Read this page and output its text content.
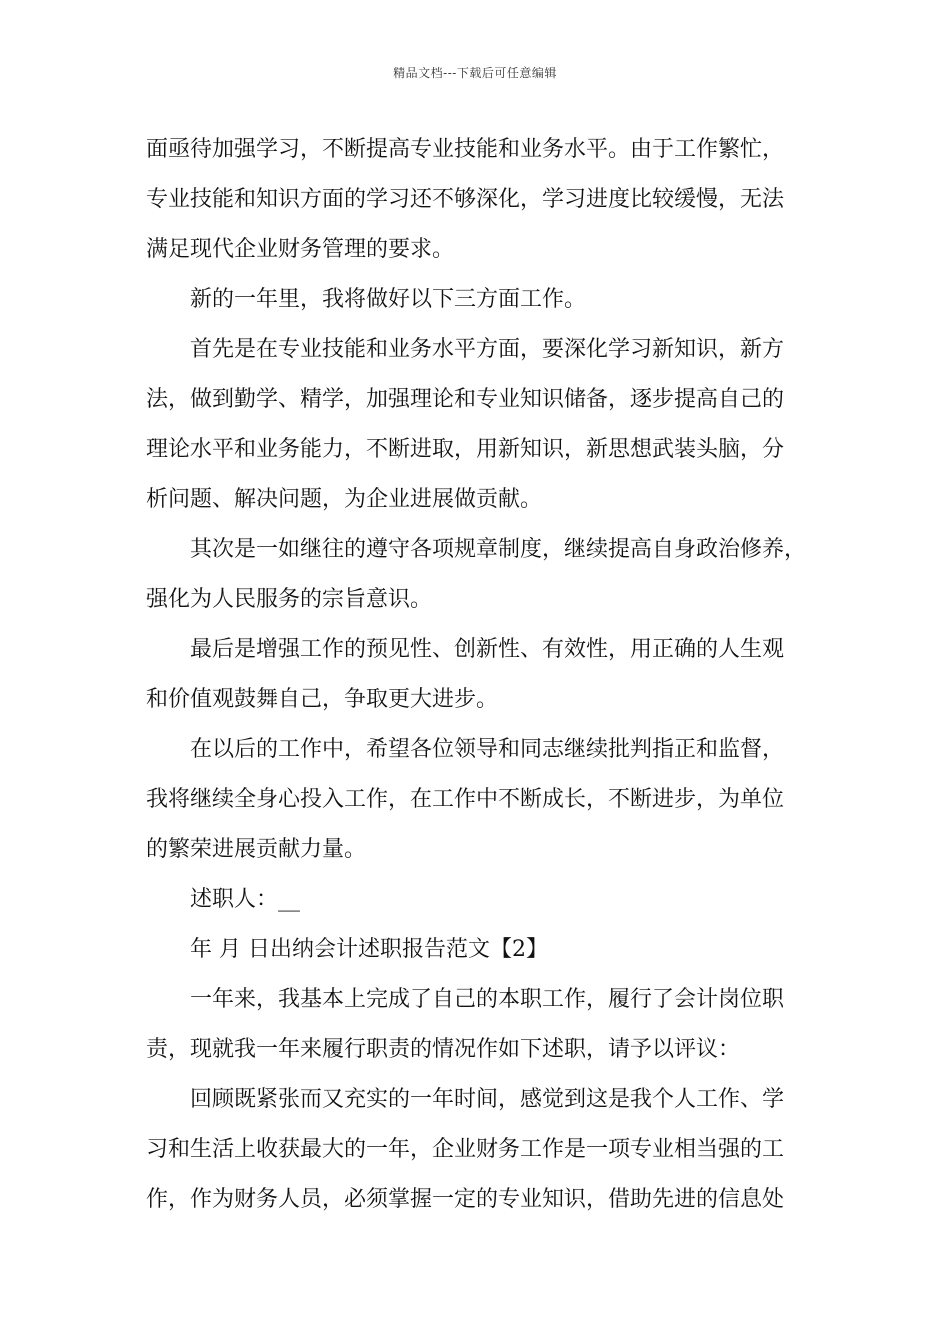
精品文档---下载后可任意编辑
面亟待加强学习，不断提高专业技能和业务水平。由于工作繁忙，
专业技能和知识方面的学习还不够深化，学习进度比较缓慢，无法
满足现代企业财务管理的要求。
新的一年里，我将做好以下三方面工作。
首先是在专业技能和业务水平方面，要深化学习新知识，新方
法，做到勤学、精学，加强理论和专业知识储备，逐步提高自己的
理论水平和业务能力，不断进取，用新知识，新思想武装头脑，分
析问题、解决问题，为企业进展做贡献。
其次是一如继往的遵守各项规章制度，继续提高自身政治修养，
强化为人民服务的宗旨意识。
最后是增强工作的预见性、创新性、有效性，用正确的人生观
和价值观鼓舞自己，争取更大进步。
在以后的工作中，希望各位领导和同志继续批判指正和监督，
我将继续全身心投入工作，在工作中不断成长，不断进步，为单位
的繁荣进展贡献力量。
述职人：__
年 月 日出纳会计述职报告范文【2】
一年来，我基本上完成了自己的本职工作，履行了会计岗位职
责，现就我一年来履行职责的情况作如下述职，请予以评议：
回顾既紧张而又充实的一年时间，感觉到这是我个人工作、学
习和生活上收获最大的一年，企业财务工作是一项专业相当强的工
作，作为财务人员，必须掌握一定的专业知识，借助先进的信息处
